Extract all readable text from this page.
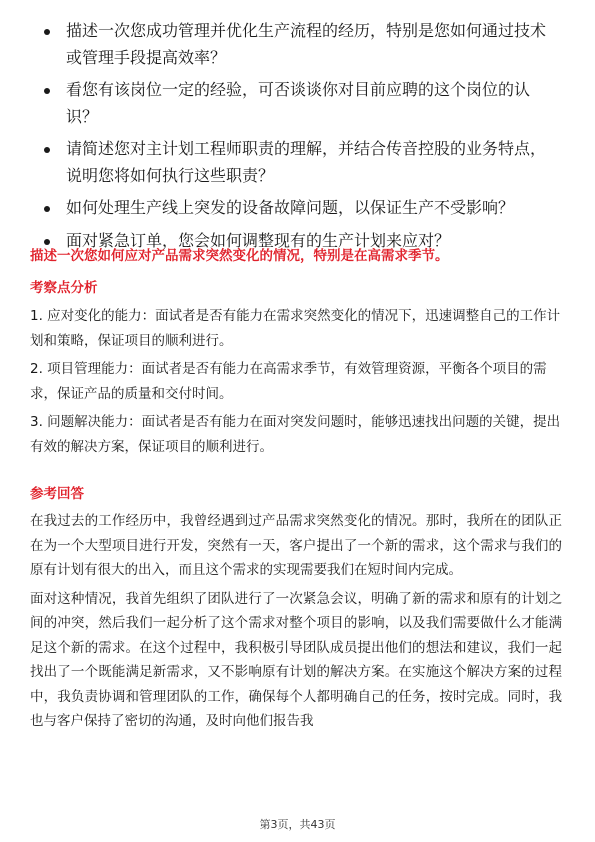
描述一次您成功管理并优化生产流程的经历，特别是您如何通过技术或管理手段提高效率？
看您有该岗位一定的经验，可否谈谈你对目前应聘的这个岗位的认识？
请简述您对主计划工程师职责的理解，并结合传音控股的业务特点，说明您将如何执行这些职责？
如何处理生产线上突发的设备故障问题，以保证生产不受影响？
面对紧急订单，您会如何调整现有的生产计划来应对？
描述一次您如何应对产品需求突然变化的情况，特别是在高需求季节。
考察点分析

1. 应对变化的能力：面试者是否有能力在需求突然变化的情况下，迅速调整自己的工作计划和策略，保证项目的顺利进行。

2. 项目管理能力：面试者是否有能力在高需求季节，有效管理资源，平衡各个项目的需求，保证产品的质量和交付时间。

3. 问题解决能力：面试者是否有能力在面对突发问题时，能够迅速找出问题的关键，提出有效的解决方案，保证项目的顺利进行。

参考回答

在我过去的工作经历中，我曾经遇到过产品需求突然变化的情况。那时，我所在的团队正在为一个大型项目进行开发，突然有一天，客户提出了一个新的需求，这个需求与我们的原有计划有很大的出入，而且这个需求的实现需要我们在短时间内完成。

面对这种情况，我首先组织了团队进行了一次紧急会议，明确了新的需求和原有的计划之间的冲突，然后我们一起分析了这个需求对整个项目的影响，以及我们需要做什么才能满足这个新的需求。在这个过程中，我积极引导团队成员提出他们的想法和建议，我们一起找出了一个既能满足新需求，又不影响原有计划的解决方案。在实施这个解决方案的过程中，我负责协调和管理团队的工作，确保每个人都明确自己的任务，按时完成。同时，我也与客户保持了密切的沟通，及时向他们报告我

第3页，共43页
